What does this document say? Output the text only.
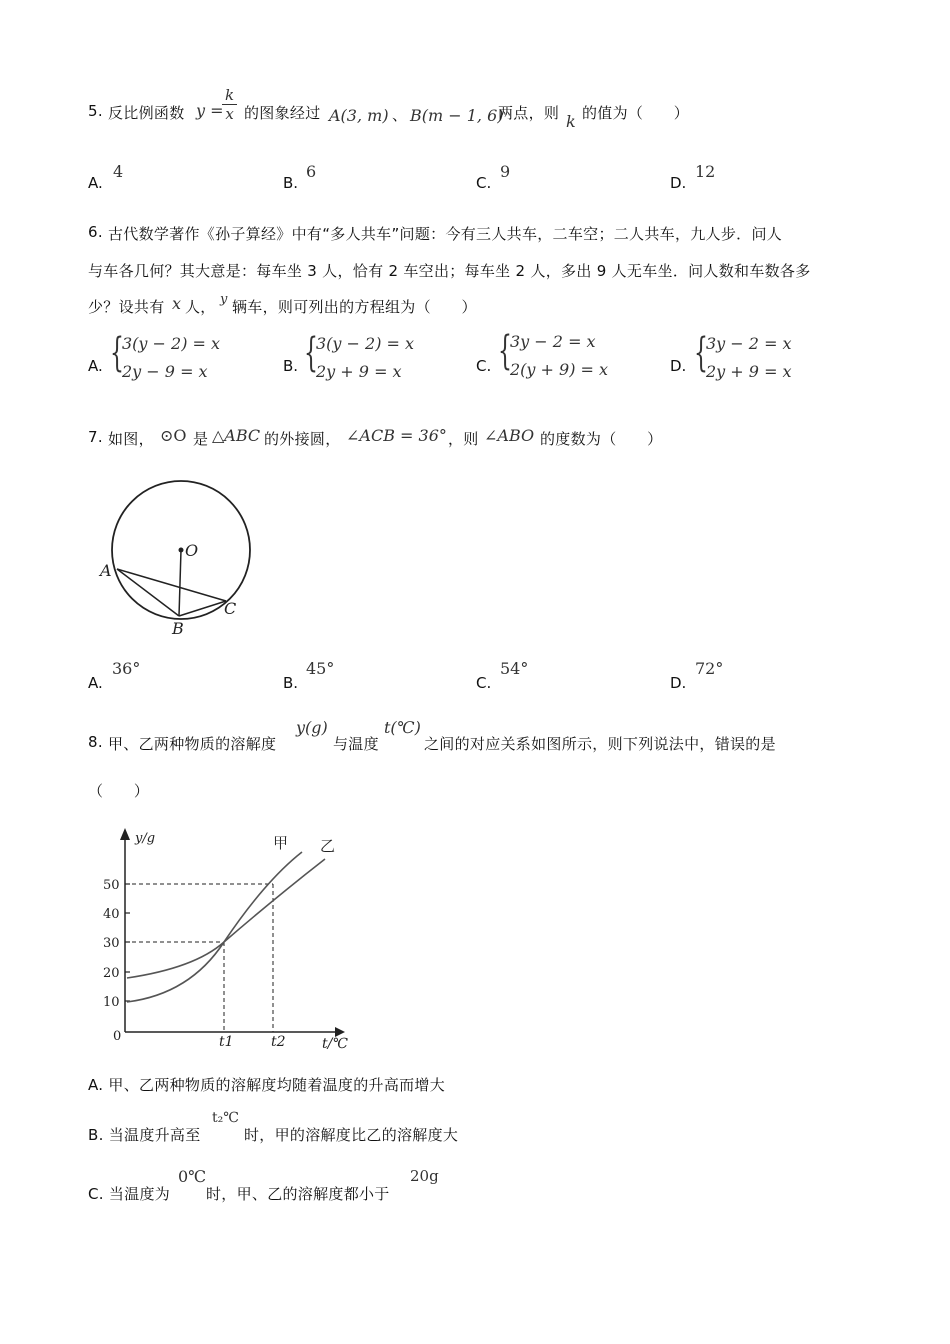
5. 反比例函数 y =
$\frac{k}{x}$ 的图象经过 A(3, m) 、 B(m − 1, 6)
两点，则 k 的值为（　　）
A.
4
B.
6
C.
9
D.
12
6. 古代数学著作《孙子算经》中有“多人共车”问题：今有三人共车，二车空；二人共车，九人步．问人
与车各几何？其大意是：每车坐 3 人，恰有 2 车空出；每车坐 2 人，多出 9 人无车坐．问人数和车数各多
少？设共有 x 人， y 辆车，则可列出的方程组为（　　）
A. {
3(y − 2) = x
2y − 9 = x	B. {
3(y − 2) = x
2y + 9 = x	C. {
3y − 2 = x
2(y + 9) = x	D. {
3y − 2 = x
2y + 9 = x
7. 如图， ⊙O 是 △ABC 的外接圆， ∠ACB = 36° ，则 ∠ABO 的度数为（　　）
O
A
B
C
A.
36°
B.
45°
C.
54°
D.
72°
8. 甲、乙两种物质的溶解度
y(g)
与温度
t(℃)
之间的对应关系如图所示，则下列说法中，错误的是
（　　）
50
40
30
20
10
0
y/g
t/℃
t1	t2
甲 乙
A. 甲、乙两种物质的溶解度均随着温度的升高而增大
B. 当温度升高至
t₂℃
时，甲的溶解度比乙的溶解度大
C. 当温度为
0℃
时，甲、乙的溶解度都小于
20g
